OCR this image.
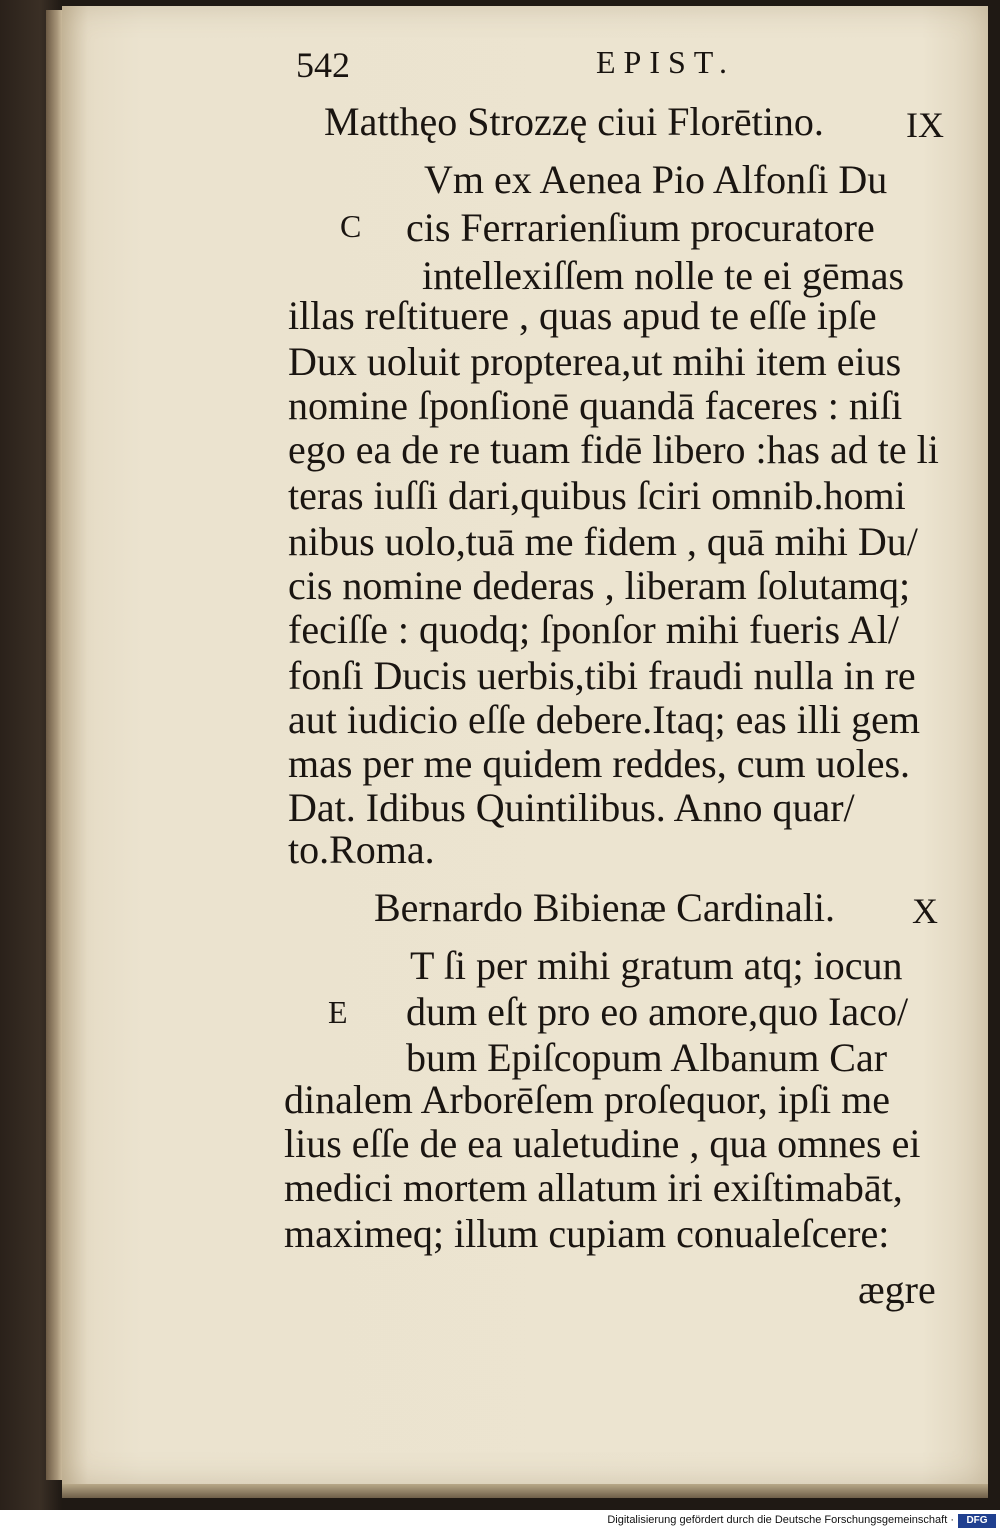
542	EPIST.
Matthęo Strozzę ciui Florētino. IX
C
Vm ex Aenea Pio Alfonſi Du
cis Ferrarienſium procuratore
intellexiſſem nolle te ei gēmas
illas reſtituere , quas apud te eſſe ipſe
Dux uoluit propterea,ut mihi item eius
nomine ſponſionē quandā faceres : niſi
ego ea de re tuam fidē libero :has ad te li
teras iuſſi dari,quibus ſciri omnib.homi
nibus uolo,tuā me fidem , quā mihi Du/
cis nomine dederas , liberam ſolutamq;
feciſſe : quodq; ſponſor mihi fueris Al/
fonſi Ducis uerbis,tibi fraudi nulla in re
aut iudicio eſſe debere.Itaq; eas illi gem
mas per me quidem reddes, cum uoles.
Dat. Idibus Quintilibus. Anno quar/
to.Roma.
Bernardo Bibienæ Cardinali. X
E
T ſi per mihi gratum atq; iocun
dum eſt pro eo amore,quo Iaco/
bum Epiſcopum Albanum Car
dinalem Arborēſem proſequor, ipſi me
lius eſſe de ea ualetudine , qua omnes ei
medici mortem allatum iri exiſtimabāt,
maximeq; illum cupiam conualeſcere:
ægre
Digitalisierung gefördert durch die Deutsche Forschungsgemeinschaft ·	DFG
